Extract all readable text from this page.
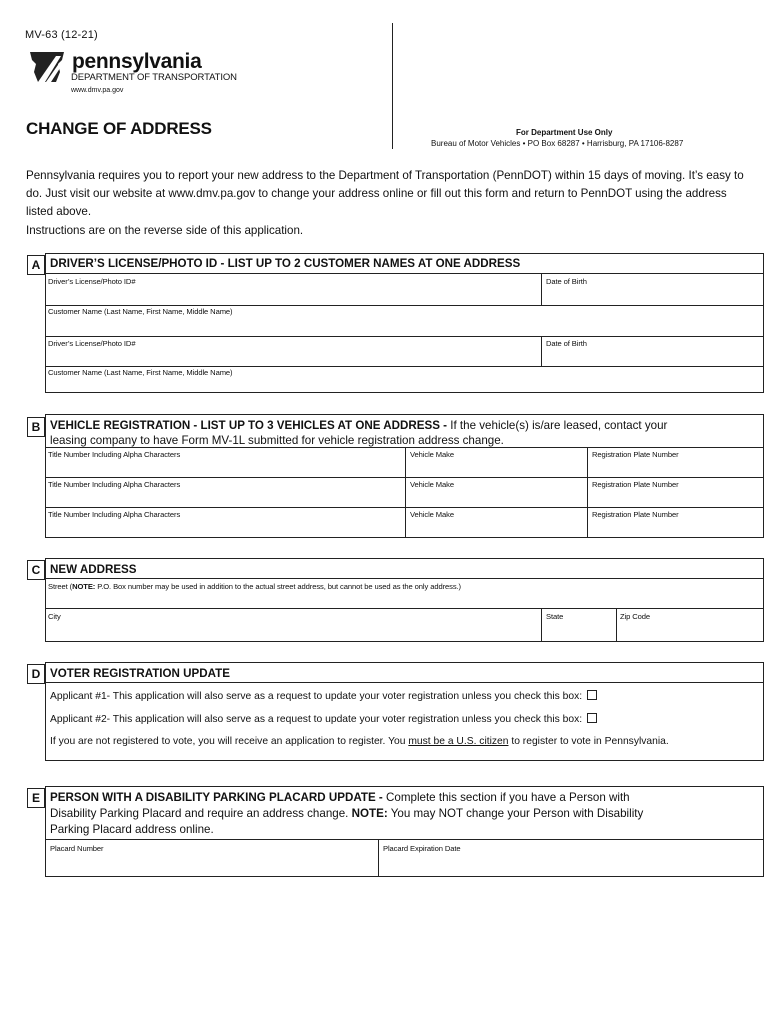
MV-63 (12-21)
pennsylvania
DEPARTMENT OF TRANSPORTATION
www.dmv.pa.gov
CHANGE OF ADDRESS	For Department Use Only
Bureau of Motor Vehicles • PO Box 68287 • Harrisburg, PA 17106-8287
Pennsylvania requires you to report your new address to the Department of Transportation (PennDOT) within 15 days of moving. It’s easy to do. Just visit our website at www.dmv.pa.gov to change your address online or fill out this form and return to PennDOT using the address listed above.
Instructions are on the reverse side of this application.
A DRIVER’S LICENSE/PHOTO ID - LIST UP TO 2 CUSTOMER NAMES AT ONE ADDRESS
Driver’s License/Photo ID#	Date of Birth
Customer Name (Last Name, First Name, Middle Name)
Driver’s License/Photo ID#	Date of Birth
Customer Name (Last Name, First Name, Middle Name)
B VEHICLE REGISTRATION - LIST UP TO 3 VEHICLES AT ONE ADDRESS - If the vehicle(s) is/are leased, contact your
leasing company to have Form MV-1L submitted for vehicle registration address change.
Title Number Including Alpha Characters	Vehicle Make	Registration Plate Number
Title Number Including Alpha Characters	Vehicle Make	Registration Plate Number
Title Number Including Alpha Characters	Vehicle Make	Registration Plate Number
C NEW ADDRESS
Street (NOTE: P.O. Box number may be used in addition to the actual street address, but cannot be used as the only address.)
City	State	Zip Code
D VOTER REGISTRATION UPDATE
Applicant #1- This application will also serve as a request to update your voter registration unless you check this box:
Applicant #2- This application will also serve as a request to update your voter registration unless you check this box:
If you are not registered to vote, you will receive an application to register. You must be a U.S. citizen to register to vote in Pennsylvania.
E PERSON WITH A DISABILITY PARKING PLACARD UPDATE - Complete this section if you have a Person with
Disability Parking Placard and require an address change. NOTE: You may NOT change your Person with Disability
Parking Placard address online.
Placard Number	Placard Expiration Date
